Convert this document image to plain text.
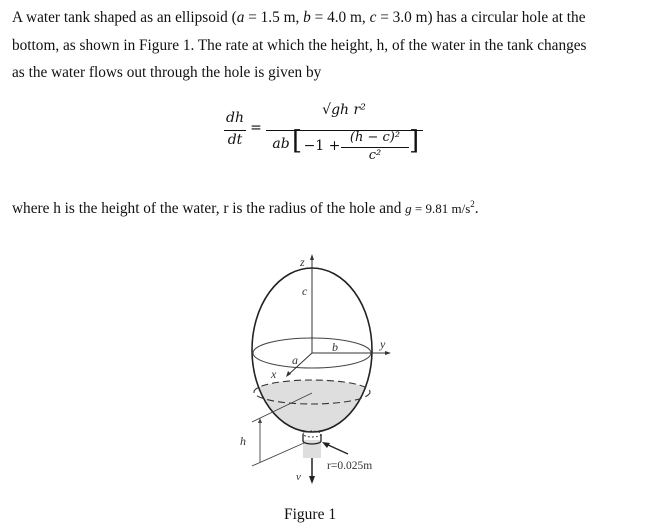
A water tank shaped as an ellipsoid (a = 1.5 m, b = 4.0 m, c = 3.0 m) has a circular hole at the
bottom, as shown in Figure 1. The rate at which the height, h, of the water in the tank changes
as the water flows out through the hole is given by
dh
dt
=
√gh r²
ab [ −1 +
(h − c)²
c²	]
where h is the height of the water, r is the radius of the hole and g = 9.81 $m/s^2$.
z
c
b	y
a
x
h
v
r=0.025m
Figure 1
